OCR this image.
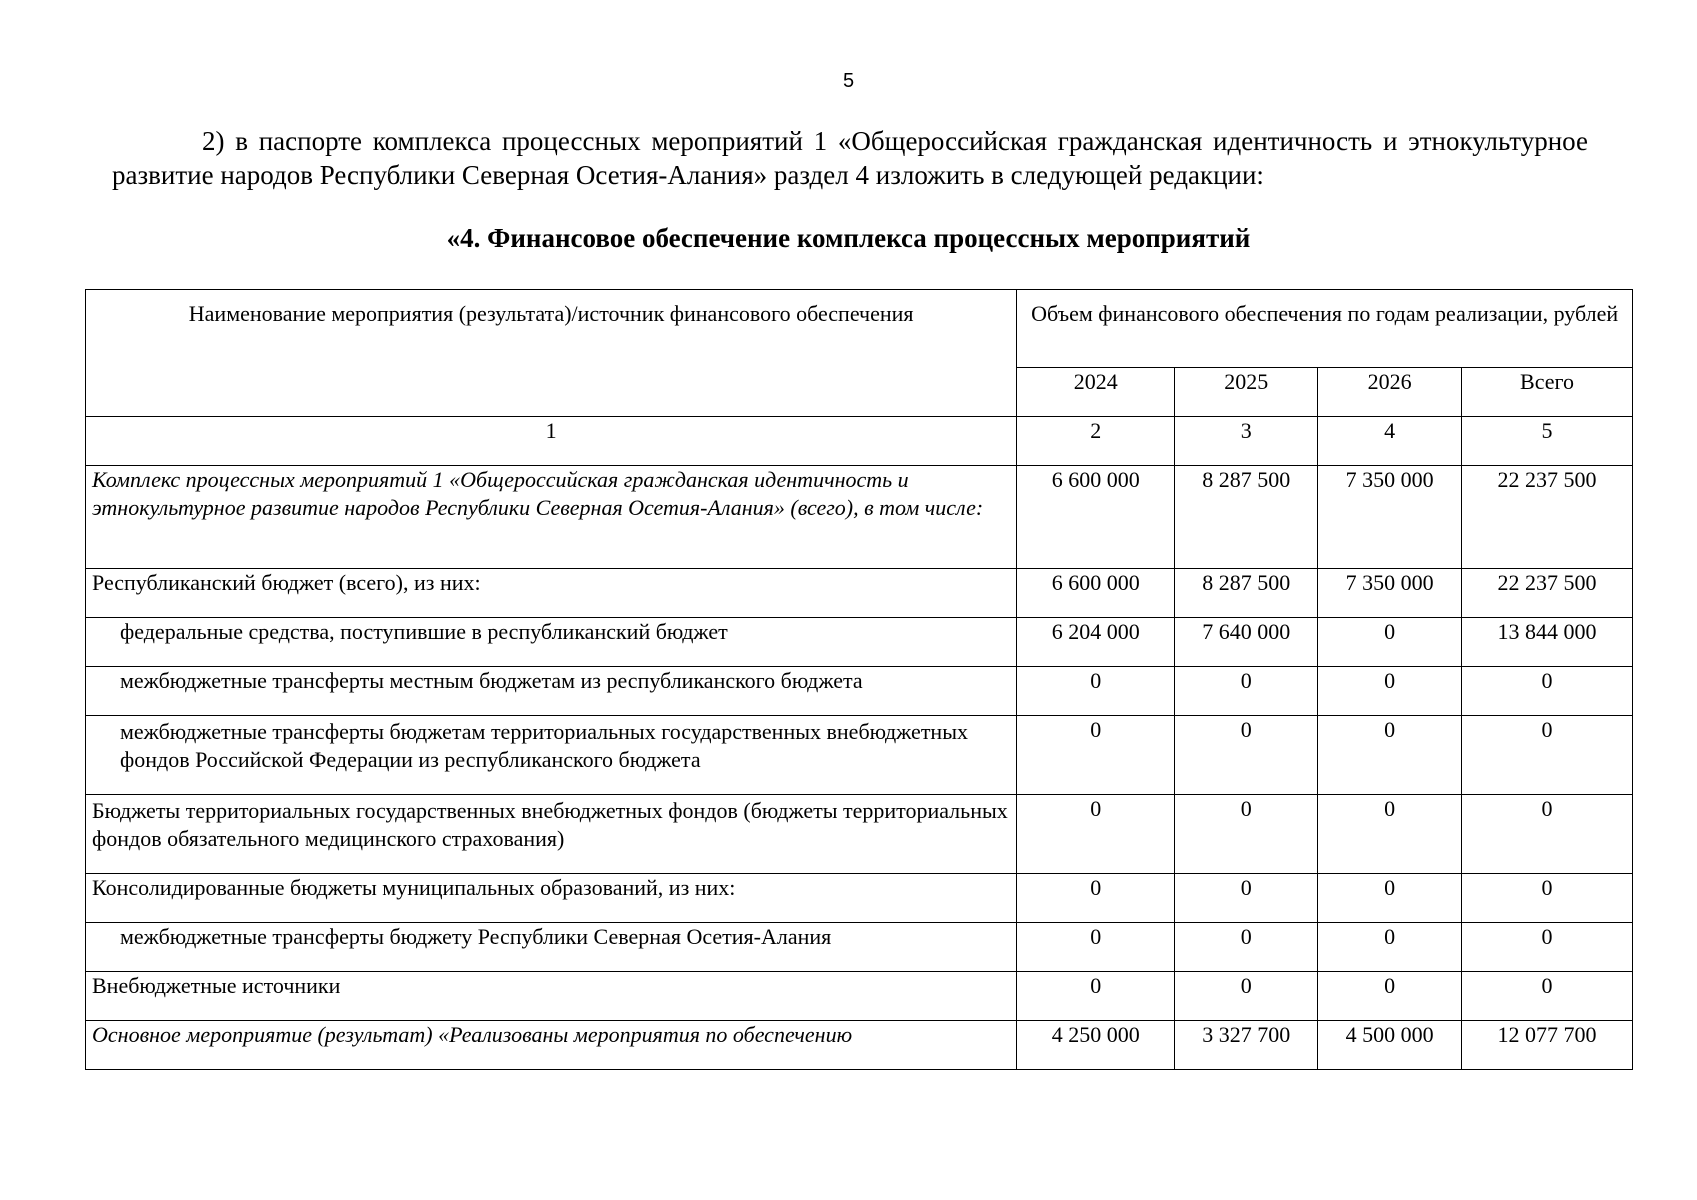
5

2) в паспорте комплекса процессных мероприятий 1 «Общероссийская гражданская идентичность и этнокультурное развитие народов Республики Северная Осетия-Алания» раздел 4 изложить в следующей редакции:

«4. Финансовое обеспечение комплекса процессных мероприятий

Наименование мероприятия (результата)/источник финансового обеспечения	Объем финансового обеспечения по годам реализации, рублей			
	2024	2025	2026	Всего
1	2	3	4	5
Комплекс процессных мероприятий 1 «Общероссийская гражданская идентичность и этнокультурное развитие народов Республики Северная Осетия-Алания» (всего), в том числе:	6 600 000	8 287 500	7 350 000	22 237 500
Республиканский бюджет (всего), из них:	6 600 000	8 287 500	7 350 000	22 237 500
федеральные средства, поступившие в республиканский бюджет	6 204 000	7 640 000	0	13 844 000
межбюджетные трансферты местным бюджетам из республиканского бюджета	0	0	0	0
межбюджетные трансферты бюджетам территориальных государственных внебюджетных фондов Российской Федерации из республиканского бюджета	0	0	0	0
Бюджеты территориальных государственных внебюджетных фондов (бюджеты территориальных фондов обязательного медицинского страхования)	0	0	0	0
Консолидированные бюджеты муниципальных образований, из них:	0	0	0	0
межбюджетные трансферты бюджету Республики Северная Осетия-Алания	0	0	0	0
Внебюджетные источники	0	0	0	0
Основное мероприятие (результат) «Реализованы мероприятия по обеспечению	4 250 000	3 327 700	4 500 000	12 077 700
